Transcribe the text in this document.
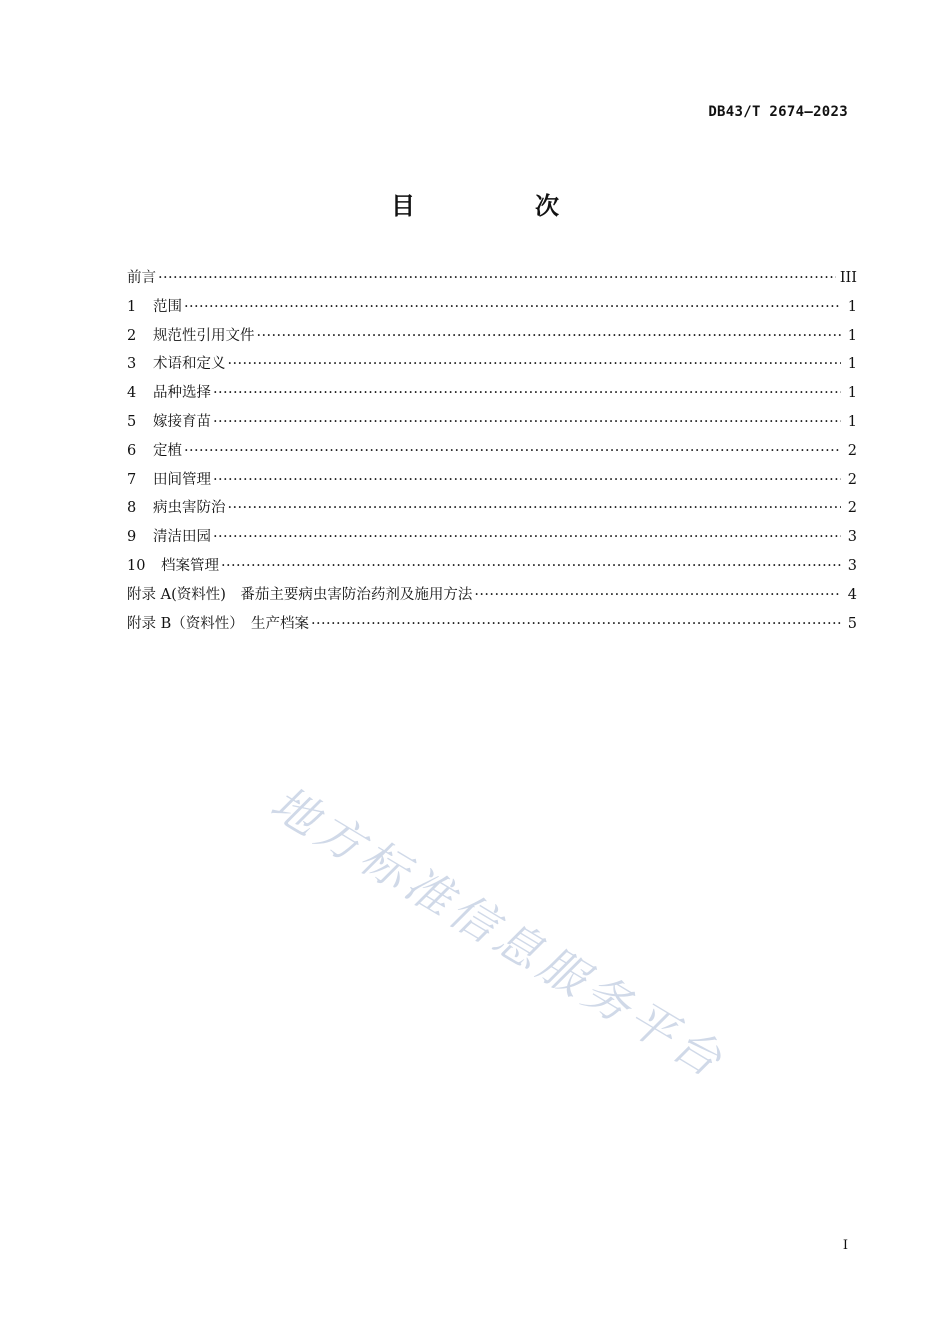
DB43/T 2674—2023
目　次
前言 ·····	III
1	范围 ·····	1
2	规范性引用文件 ·····	1
3	术语和定义 ·····	1
4	品种选择 ·····	1
5	嫁接育苗 ·····	1
6	定植 ·····	2
7	田间管理 ·····	2
8	病虫害防治 ·····	2
9	清洁田园 ·····	3
10	档案管理 ·····	3
附录 A(资料性)　番茄主要病虫害防治药剂及施用方法 ·····	4
附录 B（资料性）　生产档案 ·····	5
地方标准信息服务平台
I
